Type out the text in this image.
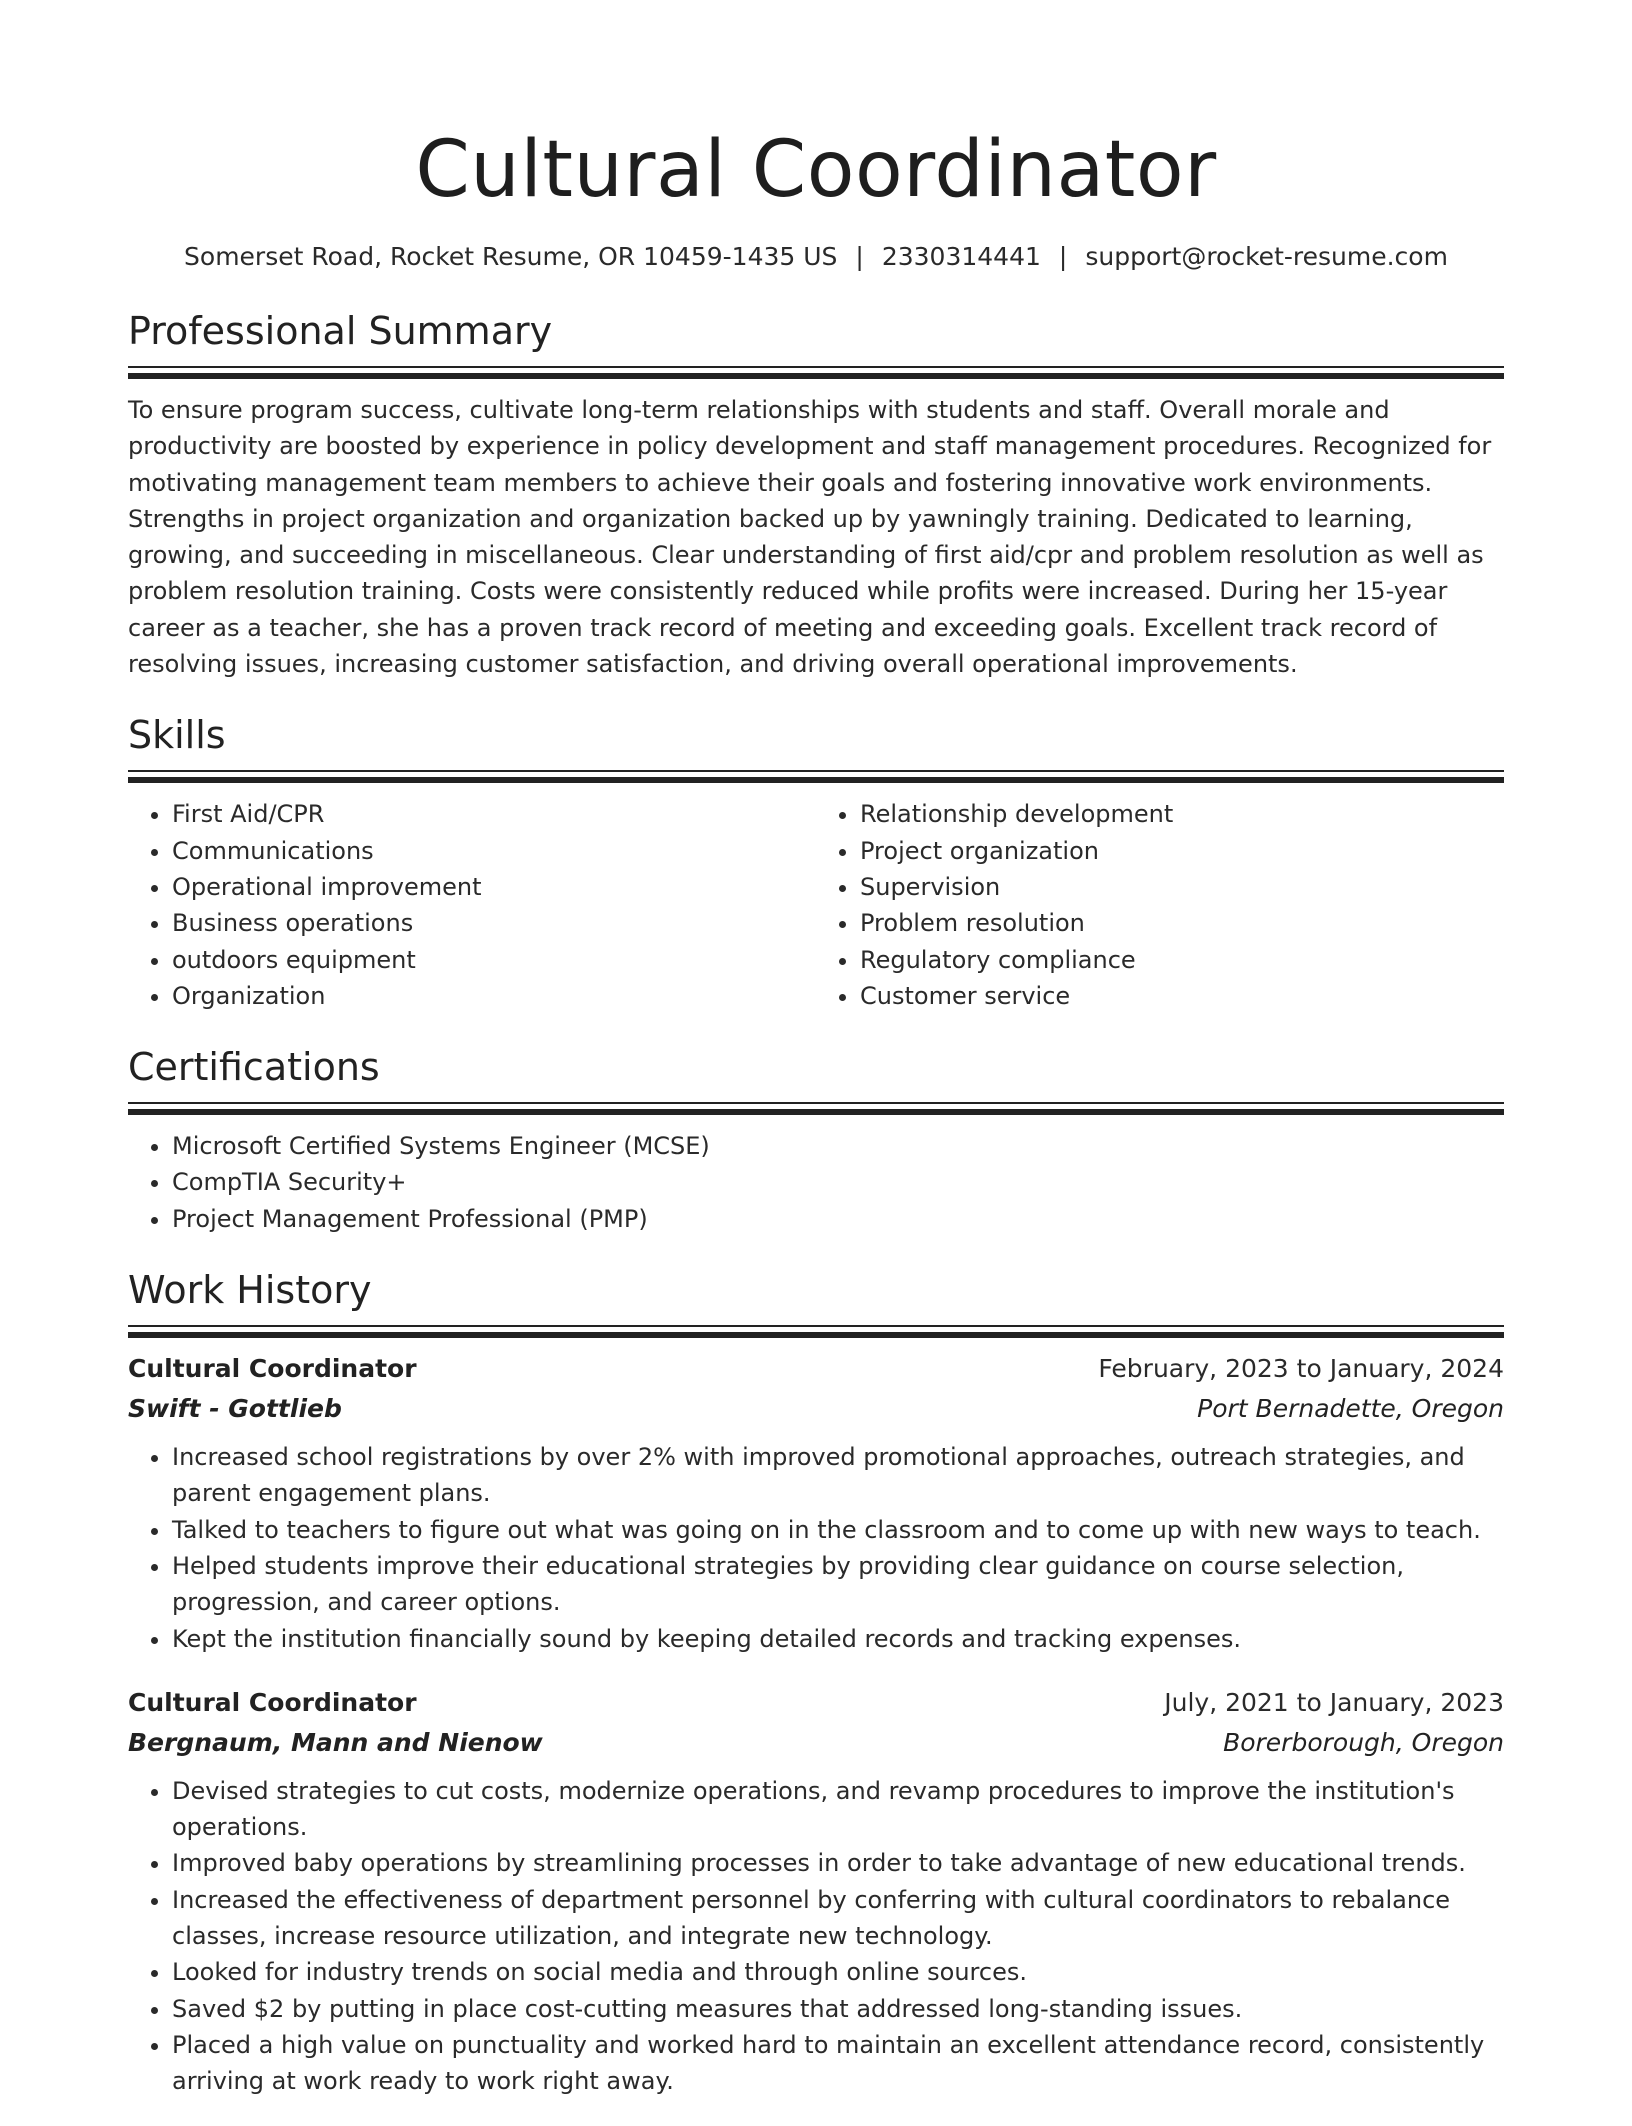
Cultural Coordinator
Somerset Road, Rocket Resume, OR 10459-1435 US | 2330314441 | support@rocket-resume.com
Professional Summary
To ensure program success, cultivate long-term relationships with students and staff. Overall morale and productivity are boosted by experience in policy development and staff management procedures. Recognized for motivating management team members to achieve their goals and fostering innovative work environments. Strengths in project organization and organization backed up by yawningly training. Dedicated to learning, growing, and succeeding in miscellaneous. Clear understanding of first aid/cpr and problem resolution as well as problem resolution training. Costs were consistently reduced while profits were increased. During her 15-year career as a teacher, she has a proven track record of meeting and exceeding goals. Excellent track record of resolving issues, increasing customer satisfaction, and driving overall operational improvements.
Skills
• First Aid/CPR
• Communications
• Operational improvement
• Business operations
• outdoors equipment
• Organization
• Relationship development
• Project organization
• Supervision
• Problem resolution
• Regulatory compliance
• Customer service
Certifications
• Microsoft Certified Systems Engineer (MCSE)
• CompTIA Security+
• Project Management Professional (PMP)
Work History
Cultural Coordinator	February, 2023 to January, 2024
Swift - Gottlieb	Port Bernadette, Oregon
• Increased school registrations by over 2% with improved promotional approaches, outreach strategies, and parent engagement plans.
• Talked to teachers to figure out what was going on in the classroom and to come up with new ways to teach.
• Helped students improve their educational strategies by providing clear guidance on course selection, progression, and career options.
• Kept the institution financially sound by keeping detailed records and tracking expenses.
Cultural Coordinator	July, 2021 to January, 2023
Bergnaum, Mann and Nienow	Borerborough, Oregon
• Devised strategies to cut costs, modernize operations, and revamp procedures to improve the institution's operations.
• Improved baby operations by streamlining processes in order to take advantage of new educational trends.
• Increased the effectiveness of department personnel by conferring with cultural coordinators to rebalance classes, increase resource utilization, and integrate new technology.
• Looked for industry trends on social media and through online sources.
• Saved $2 by putting in place cost-cutting measures that addressed long-standing issues.
• Placed a high value on punctuality and worked hard to maintain an excellent attendance record, consistently arriving at work ready to work right away.
